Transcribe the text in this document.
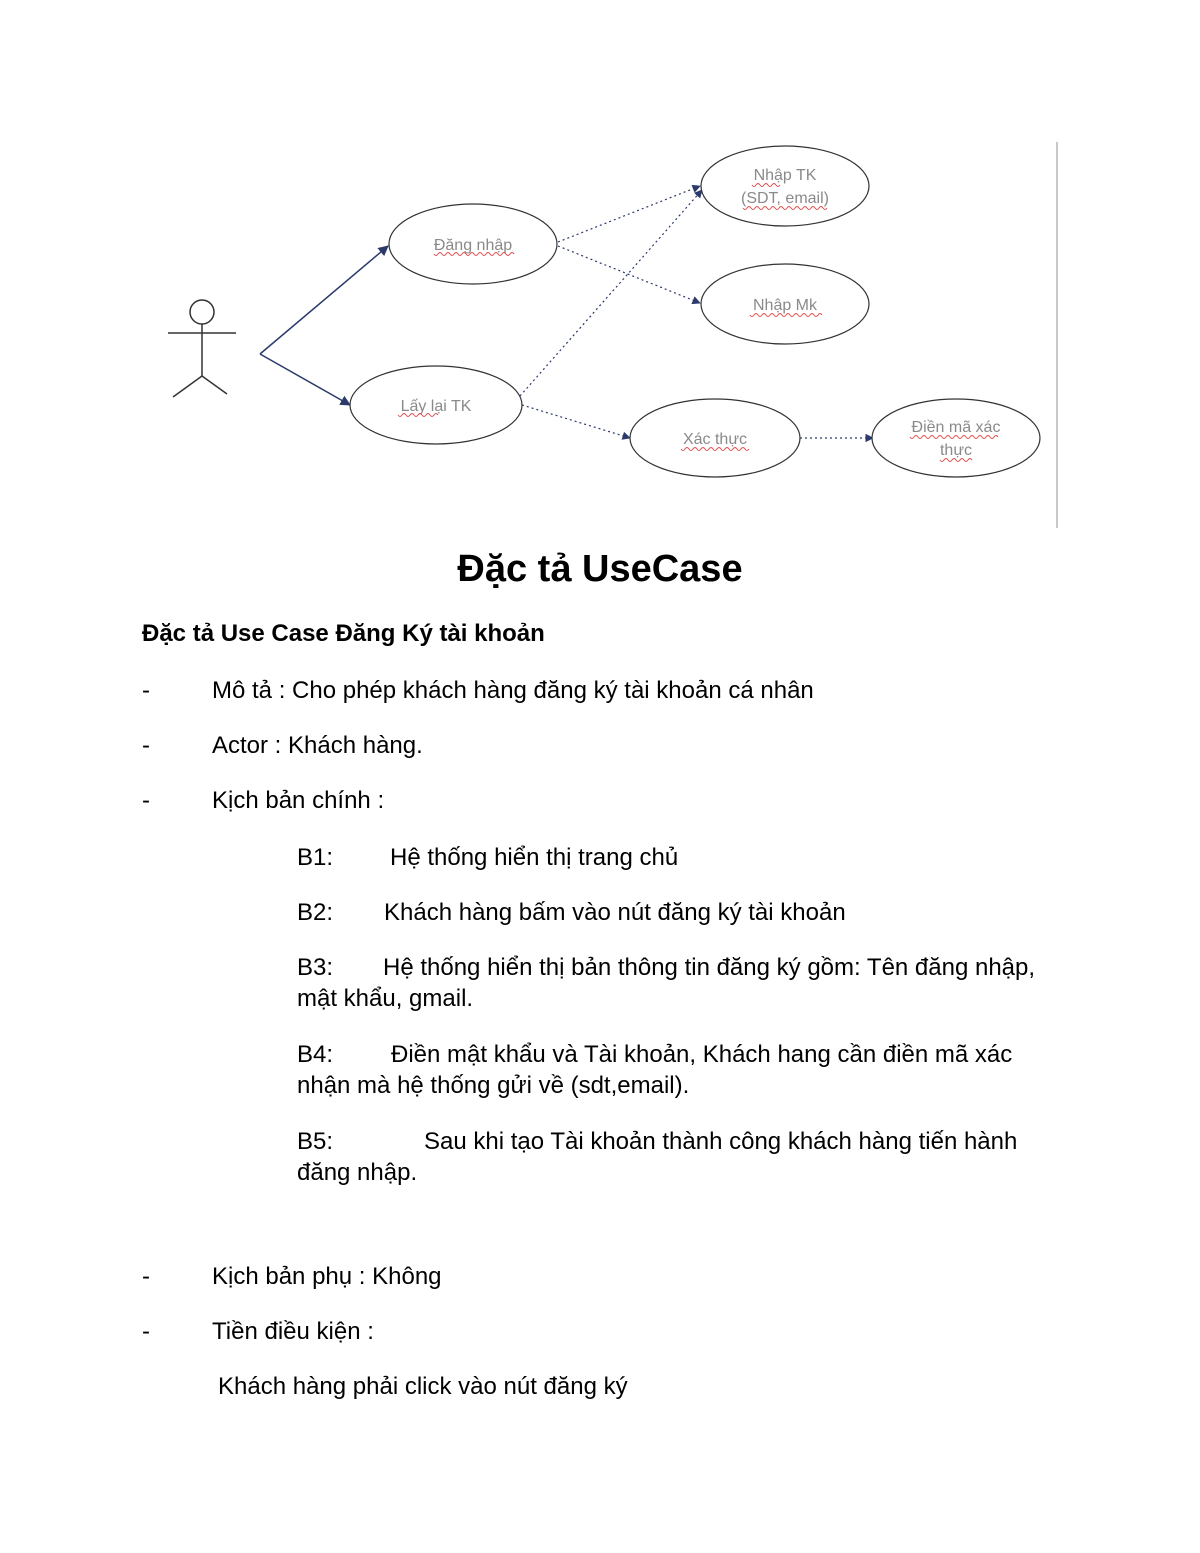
Đăng nhập
Lấy lại TK
Nhập TK
(SDT, email)
Nhập Mk
Xác thực
Điền mã xác
thực
Đặc tả UseCase
Đặc tả Use Case Đăng Ký tài khoản
-	Mô tả : Cho phép khách hàng đăng ký tài khoản cá nhân
-	Actor : Khách hàng.
-	Kịch bản chính :
B1: Hệ thống hiển thị trang chủ
B2: Khách hàng bấm vào nút đăng ký tài khoản
B3: Hệ thống hiển thị bản thông tin đăng ký gồm: Tên đăng nhập, mật khẩu, gmail.
B4: Điền mật khẩu và Tài khoản, Khách hang cần điền mã xác nhận mà hệ thống gửi về (sdt,email).
B5:	Sau khi tạo Tài khoản thành công khách hàng tiến hành đăng nhập.
-	Kịch bản phụ : Không
-	Tiền điều kiện :
Khách hàng phải click vào nút đăng ký
